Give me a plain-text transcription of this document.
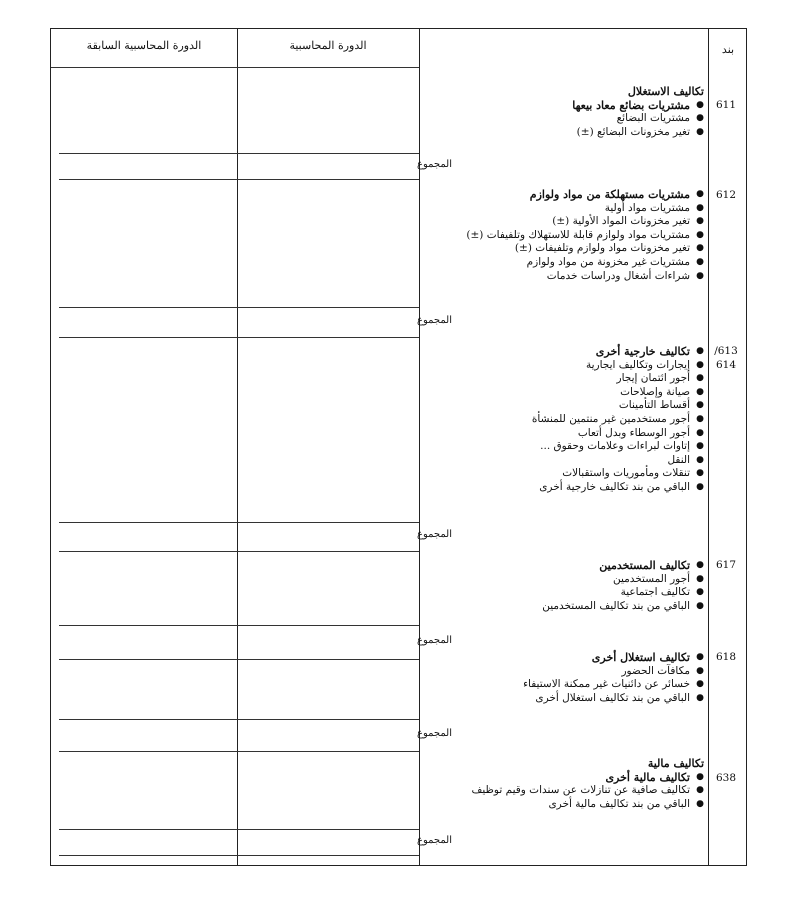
الدورة المحاسبية السابقة	الدورة المحاسبية	بند
611
تكاليف الاستغلال
● مشتريات بضائع معاد بيعها
● مشتريات البضائع
● تغير مخزونات البضائع (±)
المجموع
612
● مشتريات مستهلكة من مواد ولوازم
● مشتريات مواد أولية
● تغير مخزونات المواد الأولية (±)
● مشتريات مواد ولوازم قابلة للاستهلاك وتلفيفات (±)
● تغير مخزونات مواد ولوازم وتلفيفات (±)
● مشتريات غير مخزونة من مواد ولوازم
● شراءات أشغال ودراسات خدمات
المجموع
/613
614
● تكاليف خارجية أخرى
● إيجارات وتكاليف ايجارية
● أجور ائتمان إيجار
● صيانة وإصلاحات
● أقساط التأمينات
● أجور مستخدمين غير منتمين للمنشأة
● أجور الوسطاء وبدل أتعاب
● إتاوات لبراءات وعلامات وحقوق ...
● النقل
● تنقلات ومأموريات واستقبالات
● الباقي من بند تكاليف خارجية أخرى
المجموع
617
● تكاليف المستخدمين
● أجور المستخدمين
● تكاليف اجتماعية
● الباقي من بند تكاليف المستخدمين
المجموع
618
● تكاليف استغلال أخرى
● مكافآت الحضور
● خسائر عن دائنيات غير ممكنة الاستيفاء
● الباقي من بند تكاليف استغلال أخرى
المجموع
638
تكاليف مالية
● تكاليف مالية أخرى
● تكاليف صافية عن تنازلات عن سندات وقيم توظيف
● الباقي من بند تكاليف مالية أخرى
المجموع
